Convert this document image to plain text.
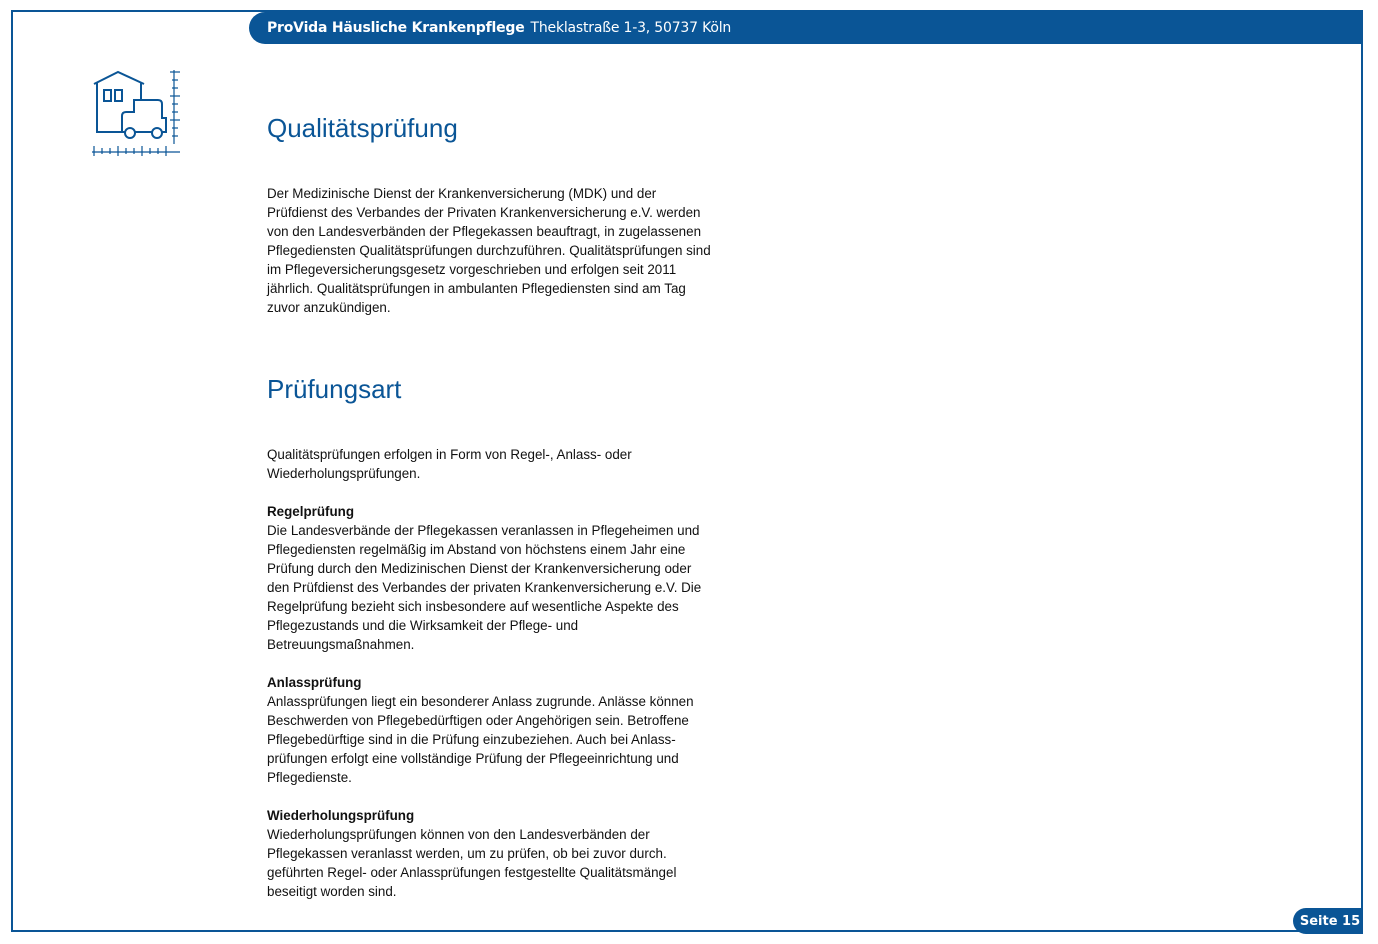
ProVida Häusliche Krankenpflege Theklastraße 1-3, 50737 Köln
Qualitätsprüfung

Der Medizinische Dienst der Krankenversicherung (MDK) und der Prüfdienst des Verbandes der Privaten Krankenversicherung e.V. werden von den Landesverbänden der Pflegekassen beauftragt, in zugelassenen Pflegediensten Qualitätsprüfungen durchzuführen. Qualitätsprüfungen sind im Pflegeversicherungsgesetz vorgeschrieben und erfolgen seit 2011 jährlich. Qualitätsprüfungen in ambulanten Pflegediensten sind am Tag zuvor anzukündigen.

Prüfungsart

Qualitätsprüfungen erfolgen in Form von Regel-, Anlass- oder Wiederholungsprüfungen.

Regelprüfung

Die Landesverbände der Pflegekassen veranlassen in Pflegeheimen und Pflegediensten regelmäßig im Abstand von höchstens einem Jahr eine Prüfung durch den Medizinischen Dienst der Krankenversicherung oder den Prüfdienst des Verbandes der privaten Krankenversicherung e.V. Die Regelprüfung bezieht sich insbesondere auf wesentliche Aspekte des Pflegezustands und die Wirksamkeit der Pflege- und Betreuungsmaßnahmen.

Anlassprüfung

Anlassprüfungen liegt ein besonderer Anlass zugrunde. Anlässe können Beschwerden von Pflegebedürftigen oder Angehörigen sein. Betroffene Pflegebedürftige sind in die Prüfung einzubeziehen. Auch bei Anlass-prüfungen erfolgt eine vollständige Prüfung der Pflegeeinrichtung und Pflegedienste.

Wiederholungsprüfung

Wiederholungsprüfungen können von den Landesverbänden der Pflegekassen veranlasst werden, um zu prüfen, ob bei zuvor durch. geführten Regel- oder Anlassprüfungen festgestellte Qualitätsmängel beseitigt worden sind.

Seite 15
